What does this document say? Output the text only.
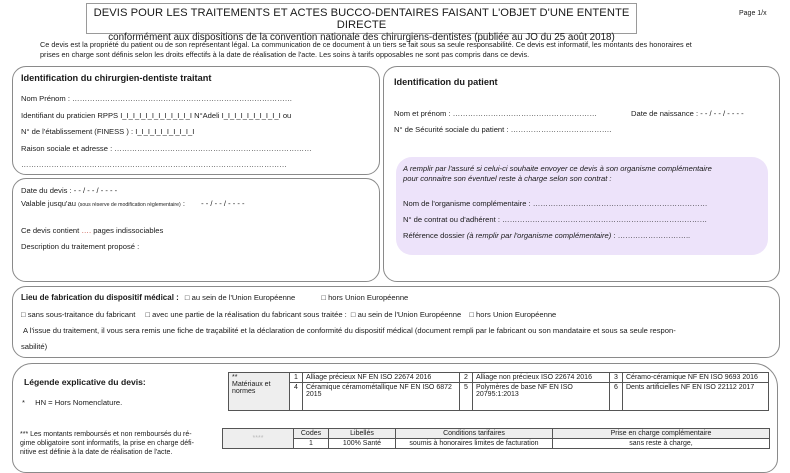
DEVIS POUR LES TRAITEMENTS ET ACTES BUCCO-DENTAIRES FAISANT L'OBJET D'UNE ENTENTE DIRECTE
conformément aux dispositions de la convention nationale des chirurgiens-dentistes (publiée au JO du 25 août 2018)
Page 1/x
Ce devis est la propriété du patient ou de son représentant légal. La communication de ce document à un tiers se fait sous sa seule responsabilité. Ce devis est informatif, les montants des honoraires et
prises en charge sont définis selon les droits effectifs à la date de réalisation de l'acte. Les soins à tarifs opposables ne sont pas compris dans ce devis.
Identification du chirurgien-dentiste traitant
Nom Prénom : ……………………………………………………………………………
Identifiant du praticien RPPS I_I_I_I_I_I_I_I_I_I_I_I N°Adeli I_I_I_I_I_I_I_I_I_I ou
N° de l'établissement (FINESS ) : I_I_I_I_I_I_I_I_I_I
Raison sociale et adresse : ……………………………………………………………………
……………………………………………………………………………………………
Date du devis : - - / - - / - - - -
Valable jusqu'au (sous réserve de modification réglementaire) : - - / - - / - - - -
Ce devis contient …. pages indissociables
Description du traitement proposé :
Identification du patient
Nom et prénom : …………………………………………………	Date de naissance : - - / - - / - - - -
N° de Sécurité sociale du patient : ………………………………….
A remplir par l'assuré si celui-ci souhaite envoyer ce devis à son organisme complémentaire
pour connaitre son éventuel reste à charge selon son contrat :
Nom de l'organisme complémentaire : ……………………………………………………………
N° de contrat ou d'adhérent : ………………………………………………………………………
Référence dossier (à remplir par l'organisme complémentaire) : ………………………..
Lieu de fabrication du dispositif médical : □ au sein de l'Union Européenne	□ hors Union Européenne
□ sans sous-traitance du fabricant □ avec une partie de la réalisation du fabricant sous traitée : □ au sein de l'Union Européenne □ hors Union Européenne
A l'issue du traitement, il vous sera remis une fiche de traçabilité et la déclaration de conformité du dispositif médical (document rempli par le fabricant ou son mandataire et sous sa seule respon-
sabilité)
Légende explicative du devis:
* HN = Hors Nomenclature.
*** Les montants remboursés et non remboursés du ré-
gime obligatoire sont informatifs, la prise en charge défi-
nitive est définie à la date de réalisation de l'acte.
**
Matériaux et normes	1	Alliage précieux NF EN ISO 22674 2016	2	Alliage non précieux ISO 22674 2016	3	Céramo-céramique NF EN ISO 9693 2016
	4	Céramique céramométallique NF EN ISO 6872 2015	5	Polymères de base NF EN ISO 20795:1:2013	6	Dents artificielles NF EN ISO 22112 2017
****	Codes	Libellés	Conditions tarifaires	Prise en charge complémentaire
	1	100% Santé	soumis à honoraires limites de facturation	sans reste à charge,
